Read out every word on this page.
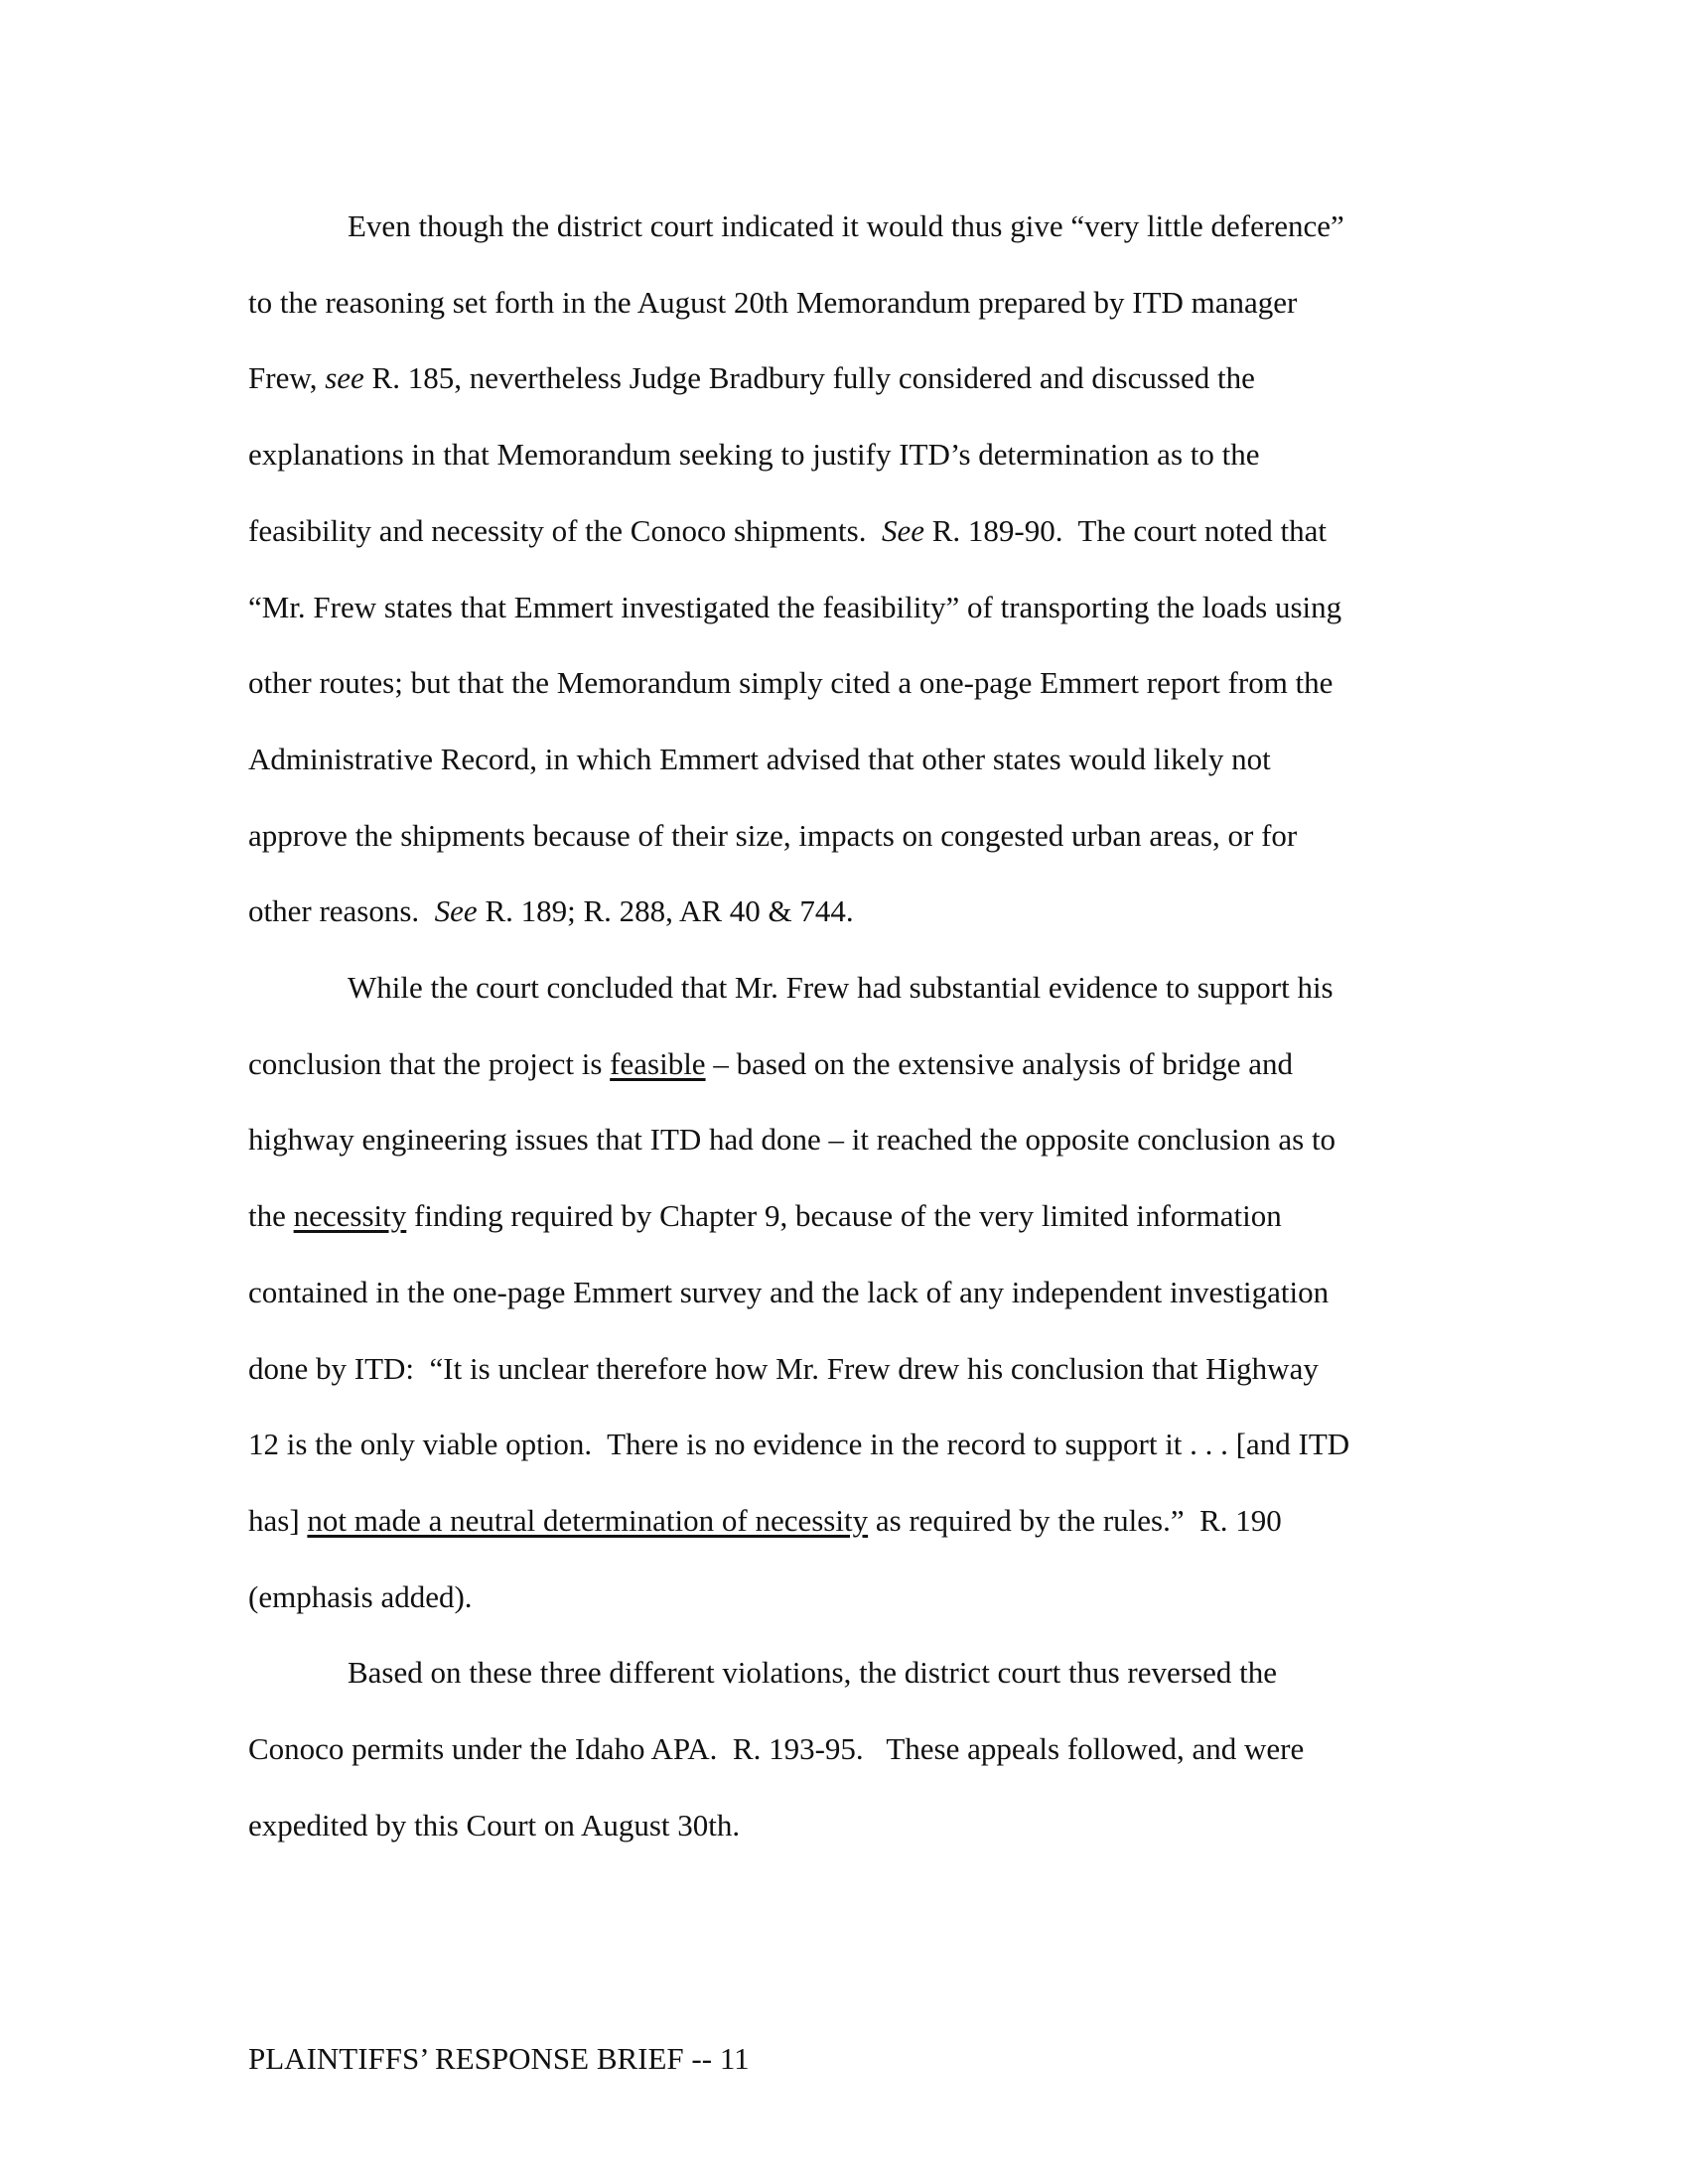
Even though the district court indicated it would thus give “very little deference”
to the reasoning set forth in the August 20th Memorandum prepared by ITD manager
Frew, see R. 185, nevertheless Judge Bradbury fully considered and discussed the
explanations in that Memorandum seeking to justify ITD’s determination as to the
feasibility and necessity of the Conoco shipments.  See R. 189-90.  The court noted that
“Mr. Frew states that Emmert investigated the feasibility” of transporting the loads using
other routes; but that the Memorandum simply cited a one-page Emmert report from the
Administrative Record, in which Emmert advised that other states would likely not
approve the shipments because of their size, impacts on congested urban areas, or for
other reasons.  See R. 189; R. 288, AR 40 & 744.
While the court concluded that Mr. Frew had substantial evidence to support his
conclusion that the project is feasible – based on the extensive analysis of bridge and
highway engineering issues that ITD had done – it reached the opposite conclusion as to
the necessity finding required by Chapter 9, because of the very limited information
contained in the one-page Emmert survey and the lack of any independent investigation
done by ITD:  “It is unclear therefore how Mr. Frew drew his conclusion that Highway
12 is the only viable option.  There is no evidence in the record to support it . . . [and ITD
has] not made a neutral determination of necessity as required by the rules.”  R. 190
(emphasis added).
Based on these three different violations, the district court thus reversed the
Conoco permits under the Idaho APA.  R. 193-95.   These appeals followed, and were
expedited by this Court on August 30th.
PLAINTIFFS’ RESPONSE BRIEF -- 11
